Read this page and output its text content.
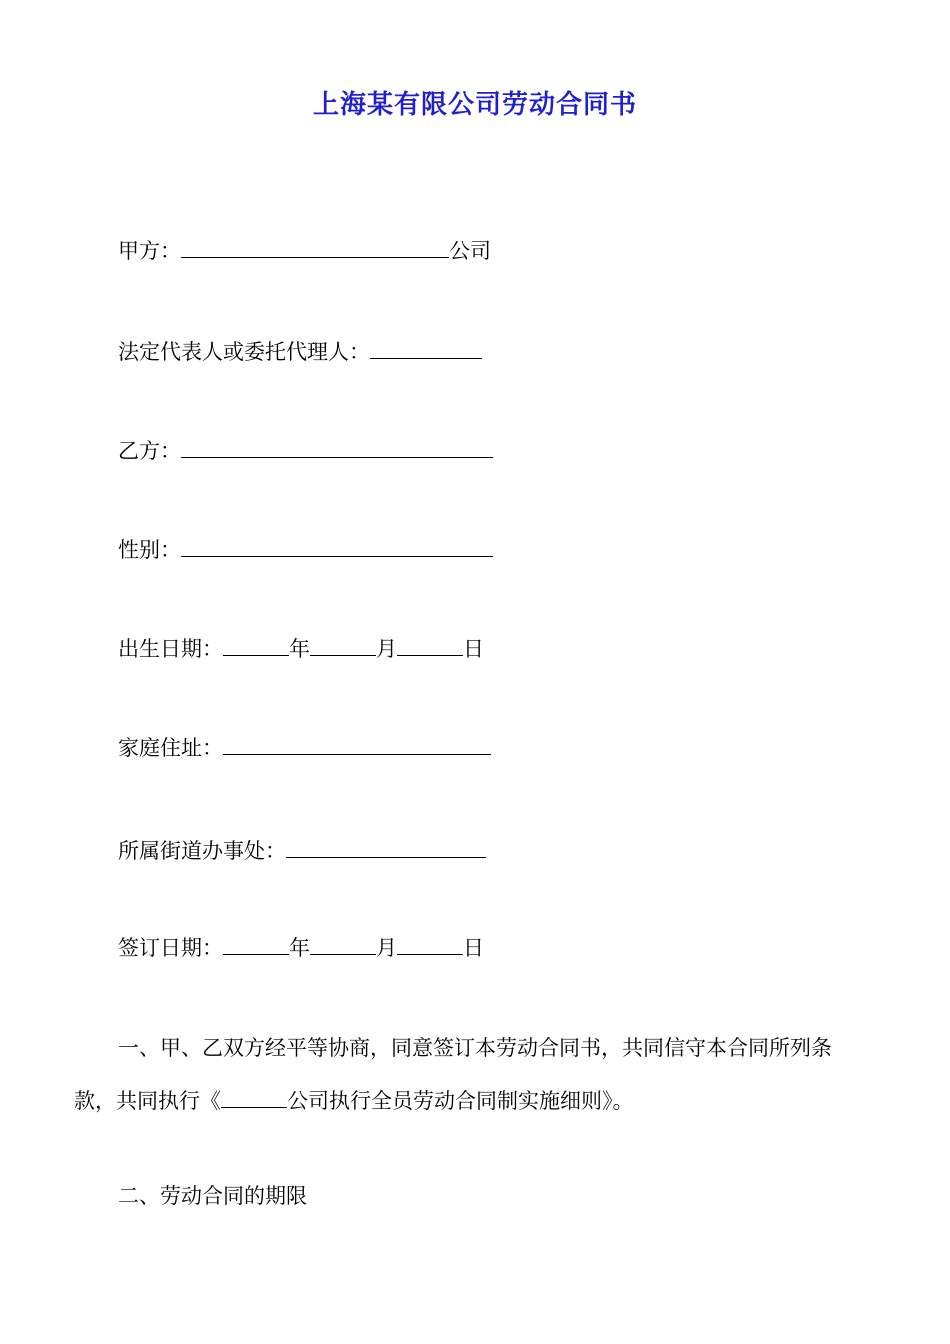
上海某有限公司劳动合同书
甲方：	公司
法定代表人或委托代理人：
乙方：
性别：
出生日期：	年	月	日
家庭住址：
所属街道办事处：
签订日期：	年	月	日
一、甲、乙双方经平等协商，同意签订本劳动合同书，共同信守本合同所列条
款，共同执行《	公司执行全员劳动合同制实施细则》。
二、劳动合同的期限
